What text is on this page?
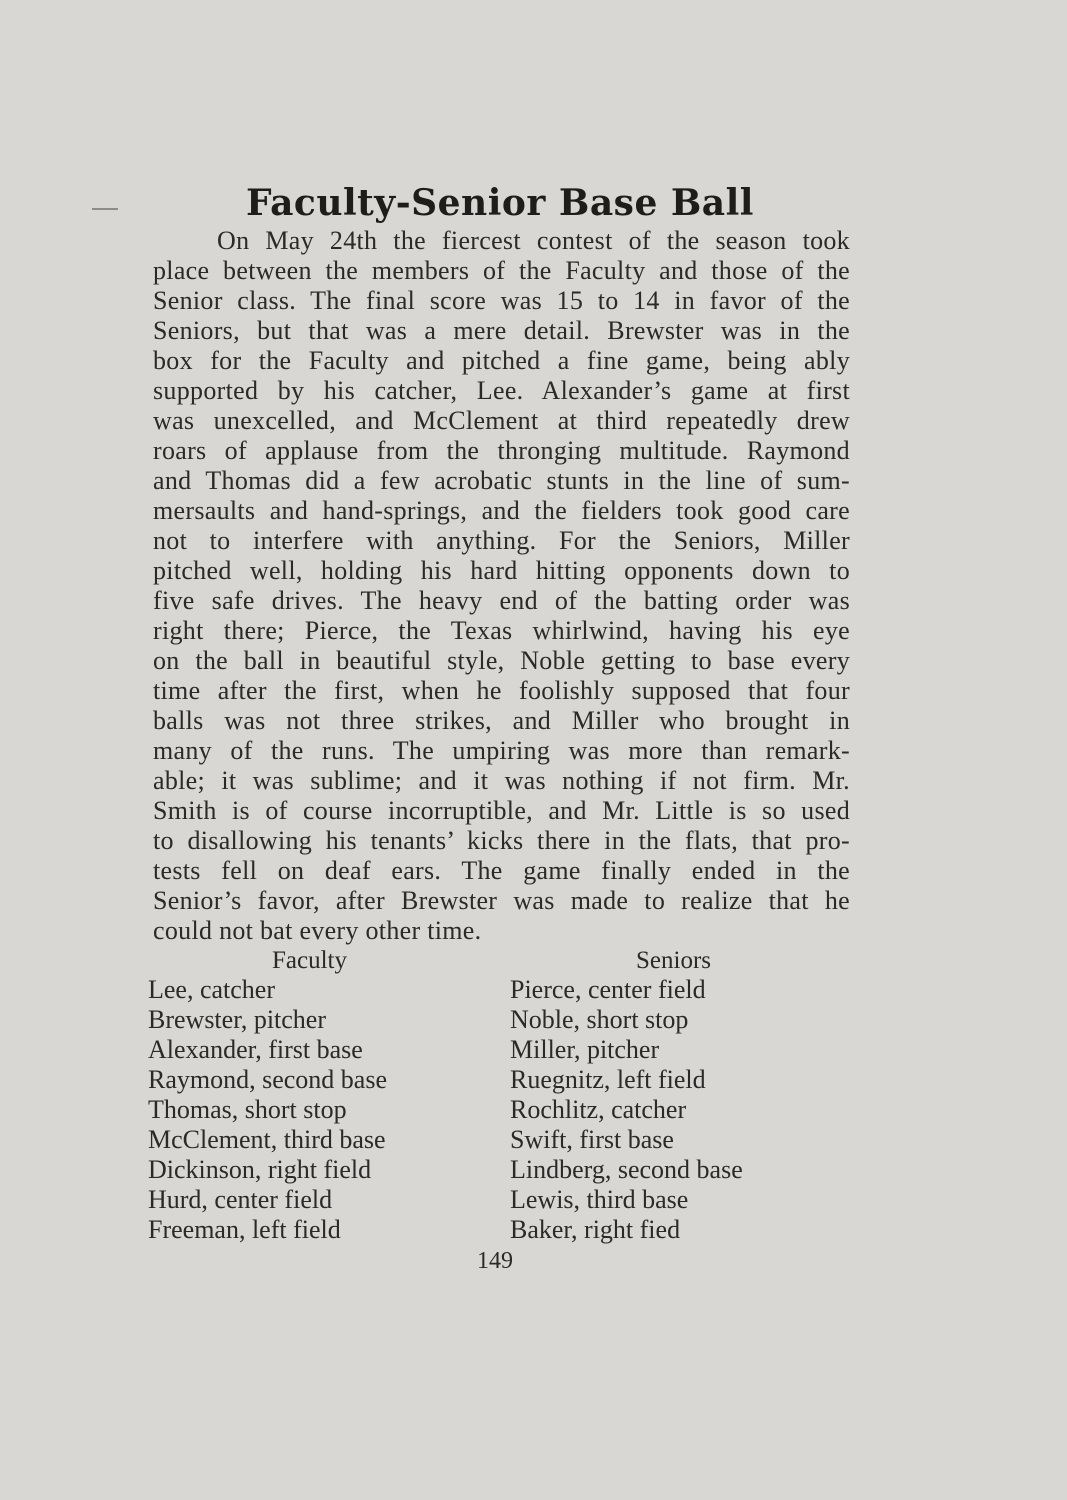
Faculty-Senior Base Ball
On May 24th the fiercest contest of the season took
place between the members of the Faculty and those of the
Senior class. The final score was 15 to 14 in favor of the
Seniors, but that was a mere detail. Brewster was in the
box for the Faculty and pitched a fine game, being ably
supported by his catcher, Lee. Alexander’s game at first
was unexcelled, and McClement at third repeatedly drew
roars of applause from the thronging multitude. Raymond
and Thomas did a few acrobatic stunts in the line of sum-
mersaults and hand-springs, and the fielders took good care
not to interfere with anything. For the Seniors, Miller
pitched well, holding his hard hitting opponents down to
five safe drives. The heavy end of the batting order was
right there; Pierce, the Texas whirlwind, having his eye
on the ball in beautiful style, Noble getting to base every
time after the first, when he foolishly supposed that four
balls was not three strikes, and Miller who brought in
many of the runs. The umpiring was more than remark-
able; it was sublime; and it was nothing if not firm. Mr.
Smith is of course incorruptible, and Mr. Little is so used
to disallowing his tenants’ kicks there in the flats, that pro-
tests fell on deaf ears. The game finally ended in the
Senior’s favor, after Brewster was made to realize that he
could not bat every other time.
Faculty	Seniors
Lee, catcher
Brewster, pitcher
Alexander, first base
Raymond, second base
Thomas, short stop
McClement, third base
Dickinson, right field
Hurd, center field
Freeman, left field
Pierce, center field
Noble, short stop
Miller, pitcher
Ruegnitz, left field
Rochlitz, catcher
Swift, first base
Lindberg, second base
Lewis, third base
Baker, right fied
149
